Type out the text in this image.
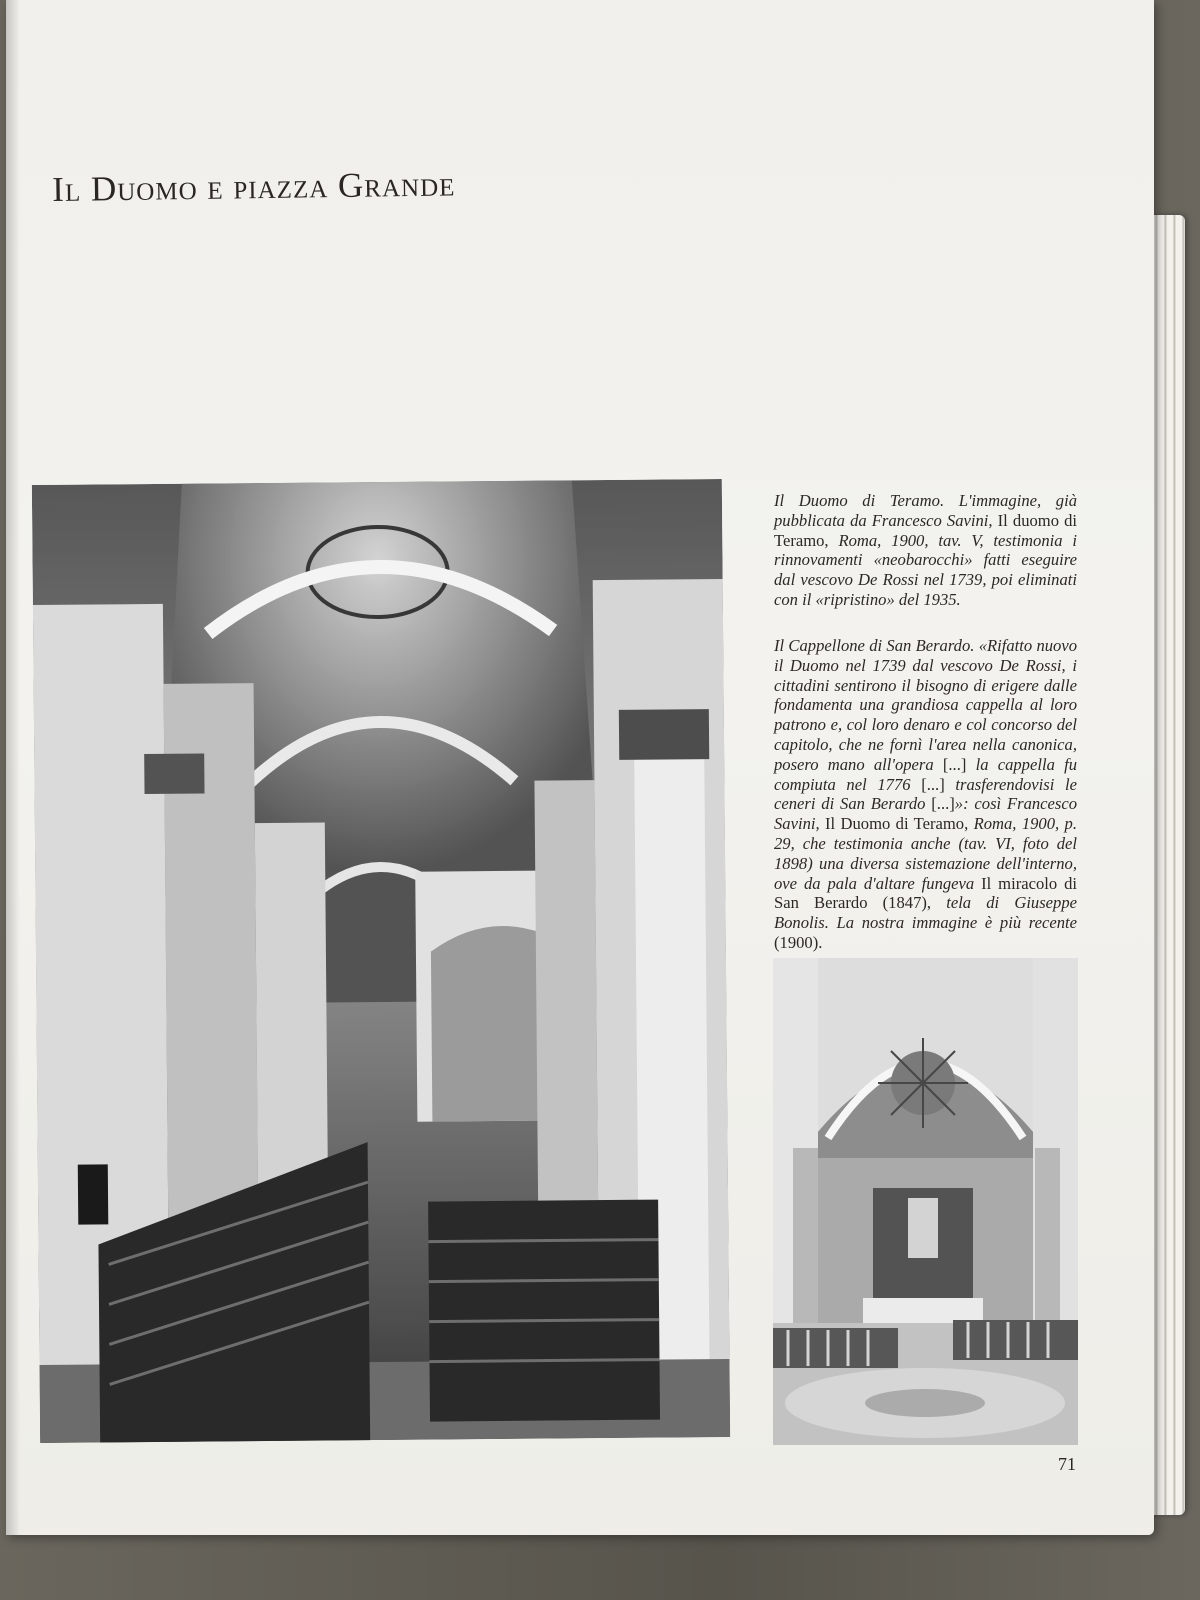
Il Duomo e piazza Grande

Il Duomo di Teramo. L'immagine, già pubblicata da Francesco Savini, Il duomo di Teramo, Roma, 1900, tav. V, testimonia i rinnovamenti «neobarocchi» fatti eseguire dal vescovo De Rossi nel 1739, poi eliminati con il «ripristino» del 1935.

Il Cappellone di San Berardo. «Rifatto nuovo il Duomo nel 1739 dal vescovo De Rossi, i cittadini sentirono il bisogno di erigere dalle fondamenta una grandiosa cappella al loro patrono e, col loro denaro e col concorso del capitolo, che ne fornì l'area nella canonica, posero mano all'opera [...] la cappella fu compiuta nel 1776 [...] trasferendovisi le ceneri di San Berardo [...]»: così Francesco Savini, Il Duomo di Teramo, Roma, 1900, p. 29, che testimonia anche (tav. VI, foto del 1898) una diversa sistemazione dell'interno, ove da pala d'altare fungeva Il miracolo di San Berardo (1847), tela di Giuseppe Bonolis. La nostra immagine è più recente (1900).

71
